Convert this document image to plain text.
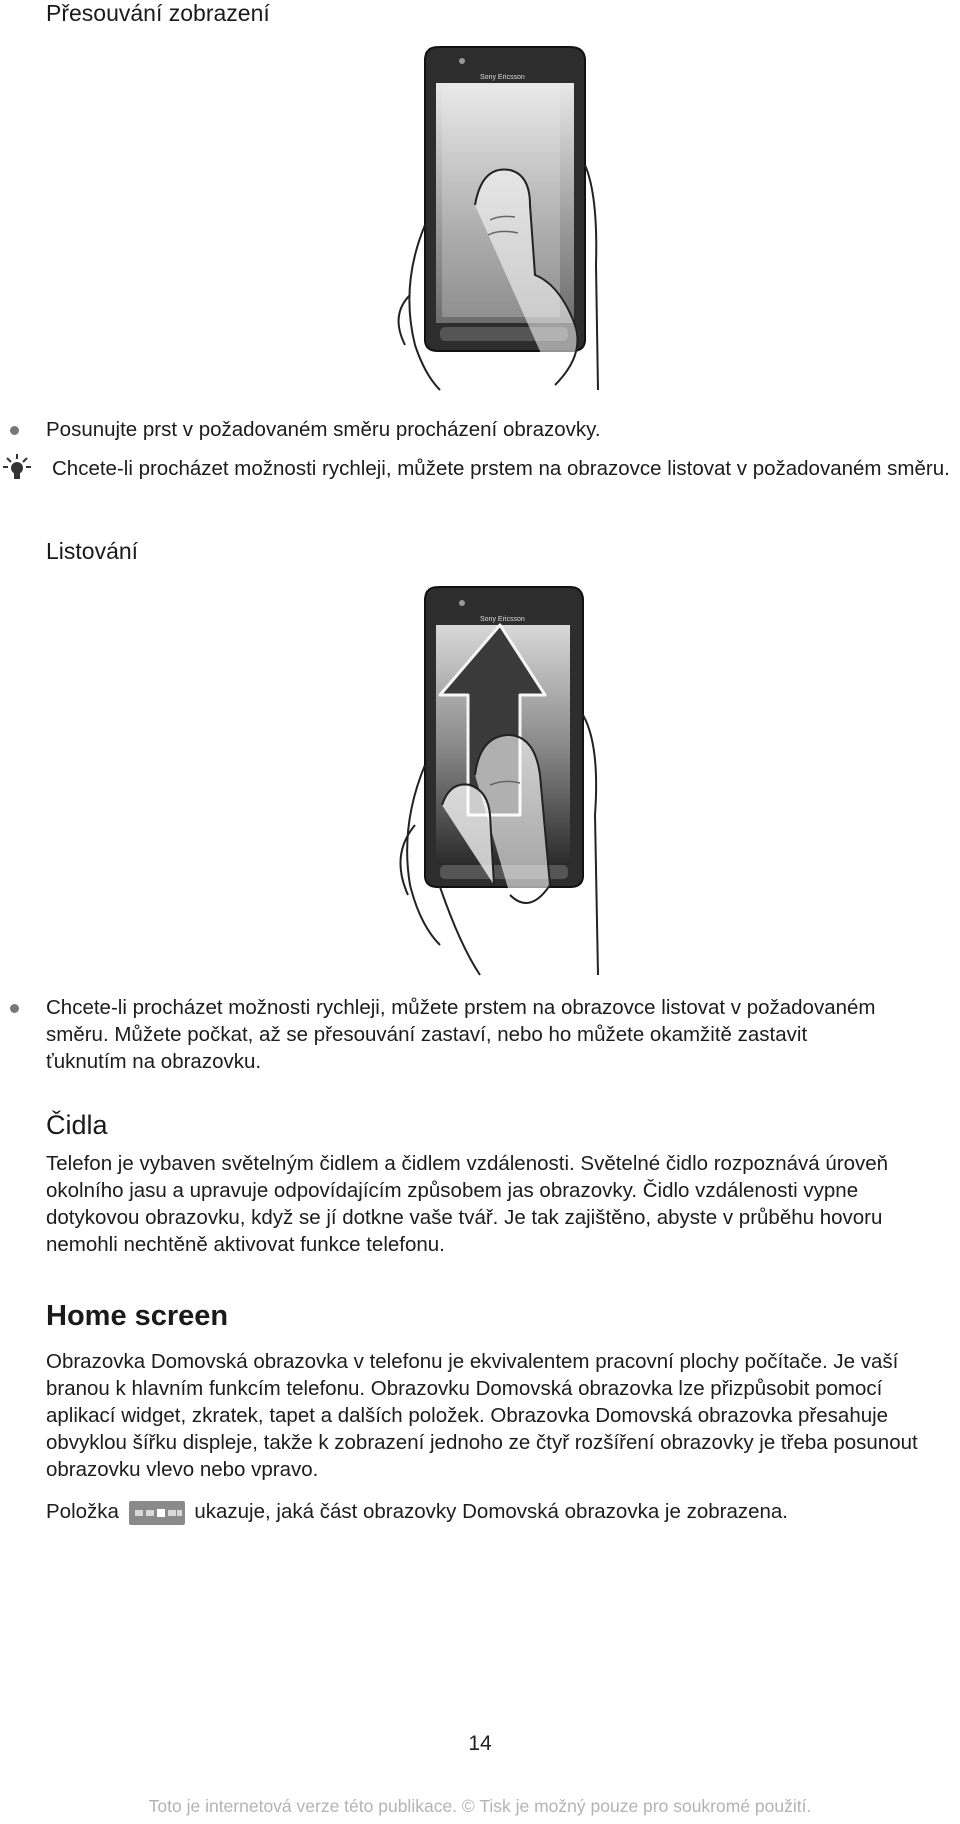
Přesouvání zobrazení
Sony Ericsson
Posunujte prst v požadovaném směru procházení obrazovky.
Chcete-li procházet možnosti rychleji, můžete prstem na obrazovce listovat v požadovaném směru.
Listování
Sony Ericsson
Chcete-li procházet možnosti rychleji, můžete prstem na obrazovce listovat v požadovaném směru. Můžete počkat, až se přesouvání zastaví, nebo ho můžete okamžitě zastavit ťuknutím na obrazovku.
Čidla
Telefon je vybaven světelným čidlem a čidlem vzdálenosti. Světelné čidlo rozpoznává úroveň okolního jasu a upravuje odpovídajícím způsobem jas obrazovky. Čidlo vzdálenosti vypne dotykovou obrazovku, když se jí dotkne vaše tvář. Je tak zajištěno, abyste v průběhu hovoru nemohli nechtěně aktivovat funkce telefonu.
Home screen
Obrazovka Domovská obrazovka v telefonu je ekvivalentem pracovní plochy počítače. Je vaší branou k hlavním funkcím telefonu. Obrazovku Domovská obrazovka lze přizpůsobit pomocí aplikací widget, zkratek, tapet a dalších položek. Obrazovka Domovská obrazovka přesahuje obvyklou šířku displeje, takže k zobrazení jednoho ze čtyř rozšíření obrazovky je třeba posunout obrazovku vlevo nebo vpravo.
Položka	ukazuje, jaká část obrazovky Domovská obrazovka je zobrazena.
14
Toto je internetová verze této publikace. © Tisk je možný pouze pro soukromé použití.
